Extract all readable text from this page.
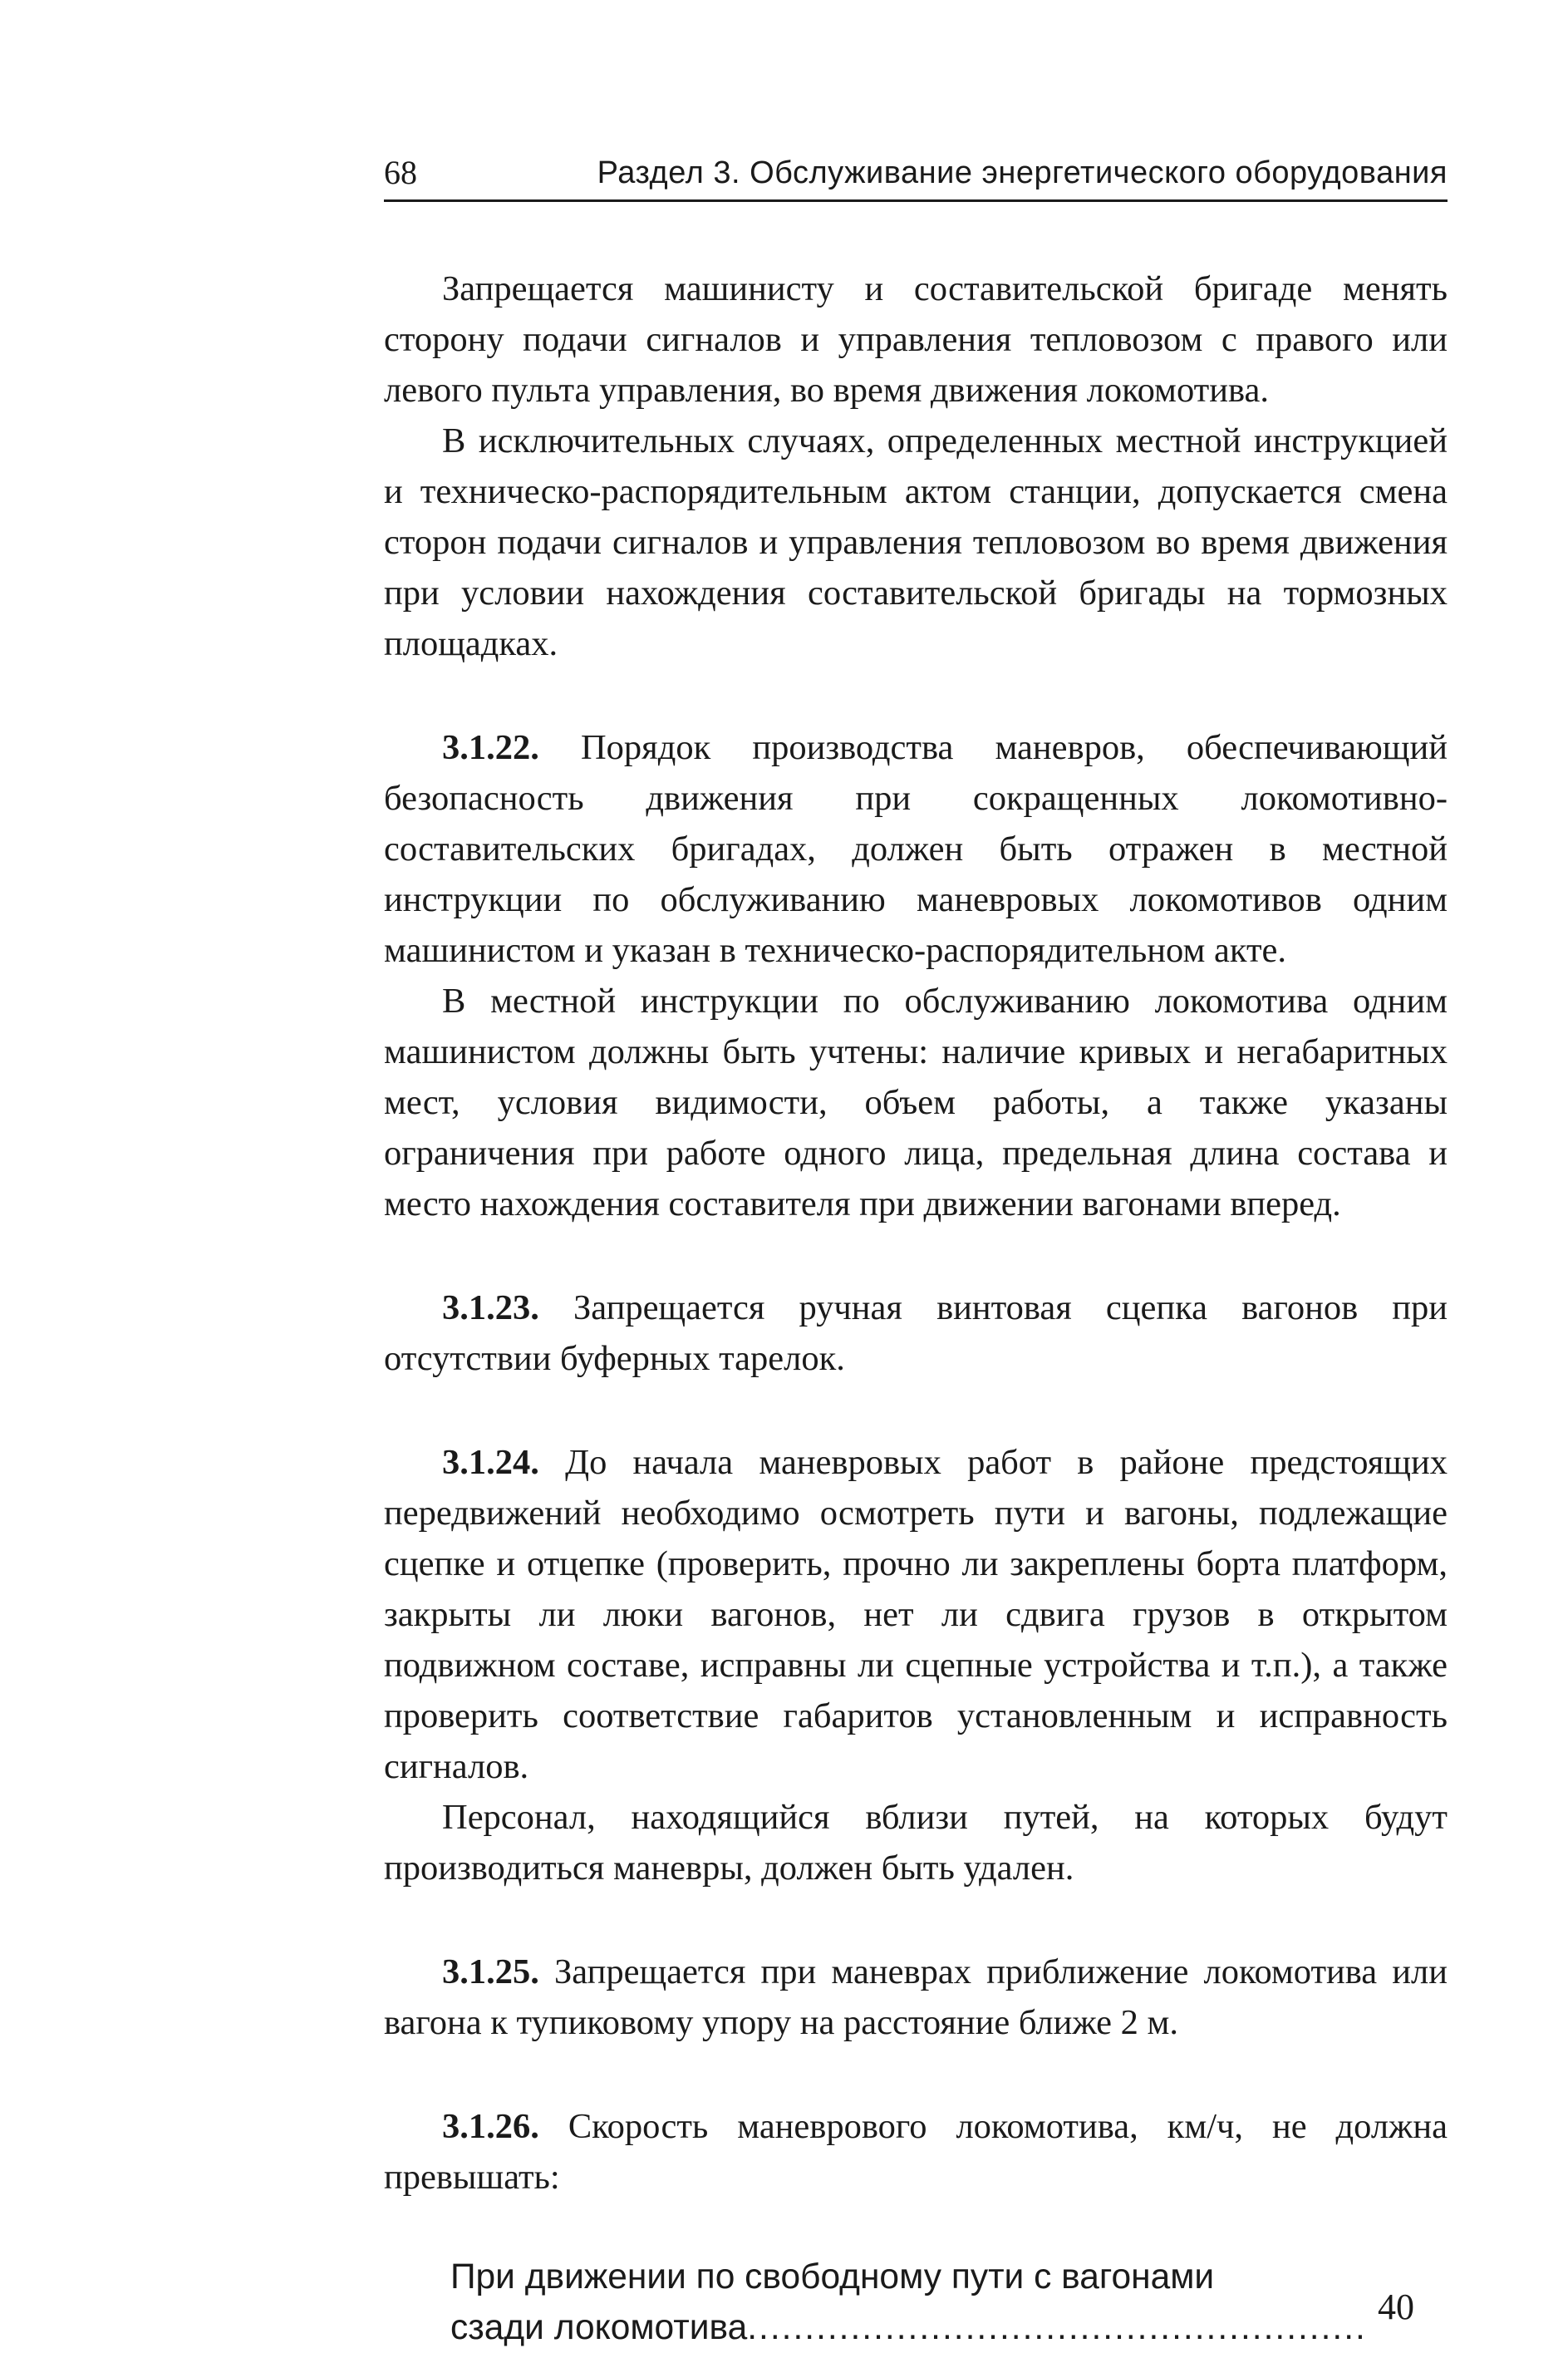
68	Раздел 3. Обслуживание энергетического оборудования

Запрещается машинисту и составительской бригаде менять сторону подачи сигналов и управления тепловозом с правого или левого пульта управления, во время движения локомотива.

В исключительных случаях, определенных местной инструкцией и техническо-распорядительным актом станции, допускается смена сторон подачи сигналов и управления тепловозом во время движения при условии нахождения составительской бригады на тормозных площадках.

3.1.22. Порядок производства маневров, обеспечивающий безопасность движения при сокращенных локомотивно-составительских бригадах, должен быть отражен в местной инструкции по обслуживанию маневровых локомотивов одним машинистом и указан в техническо-распорядительном акте.

В местной инструкции по обслуживанию локомотива одним машинистом должны быть учтены: наличие кривых и негабаритных мест, условия видимости, объем работы, а также указаны ограничения при работе одного лица, предельная длина состава и место нахождения составителя при движении вагонами вперед.

3.1.23. Запрещается ручная винтовая сцепка вагонов при отсутствии буферных тарелок.

3.1.24. До начала маневровых работ в районе предстоящих передвижений необходимо осмотреть пути и вагоны, подлежащие сцепке и отцепке (проверить, прочно ли закреплены борта платформ, закрыты ли люки вагонов, нет ли сдвига грузов в открытом подвижном составе, исправны ли сцепные устройства и т.п.), а также проверить соответствие габаритов установленным и исправность сигналов.

Персонал, находящийся вблизи путей, на которых будут производиться маневры, должен быть удален.

3.1.25. Запрещается при маневрах приближение локомотива или вагона к тупиковому упору на расстояние ближе 2 м.

3.1.26. Скорость маневрового локомотива, км/ч, не должна превышать:

При движении по свободному пути с вагонами
сзади локомотива
.....
40
